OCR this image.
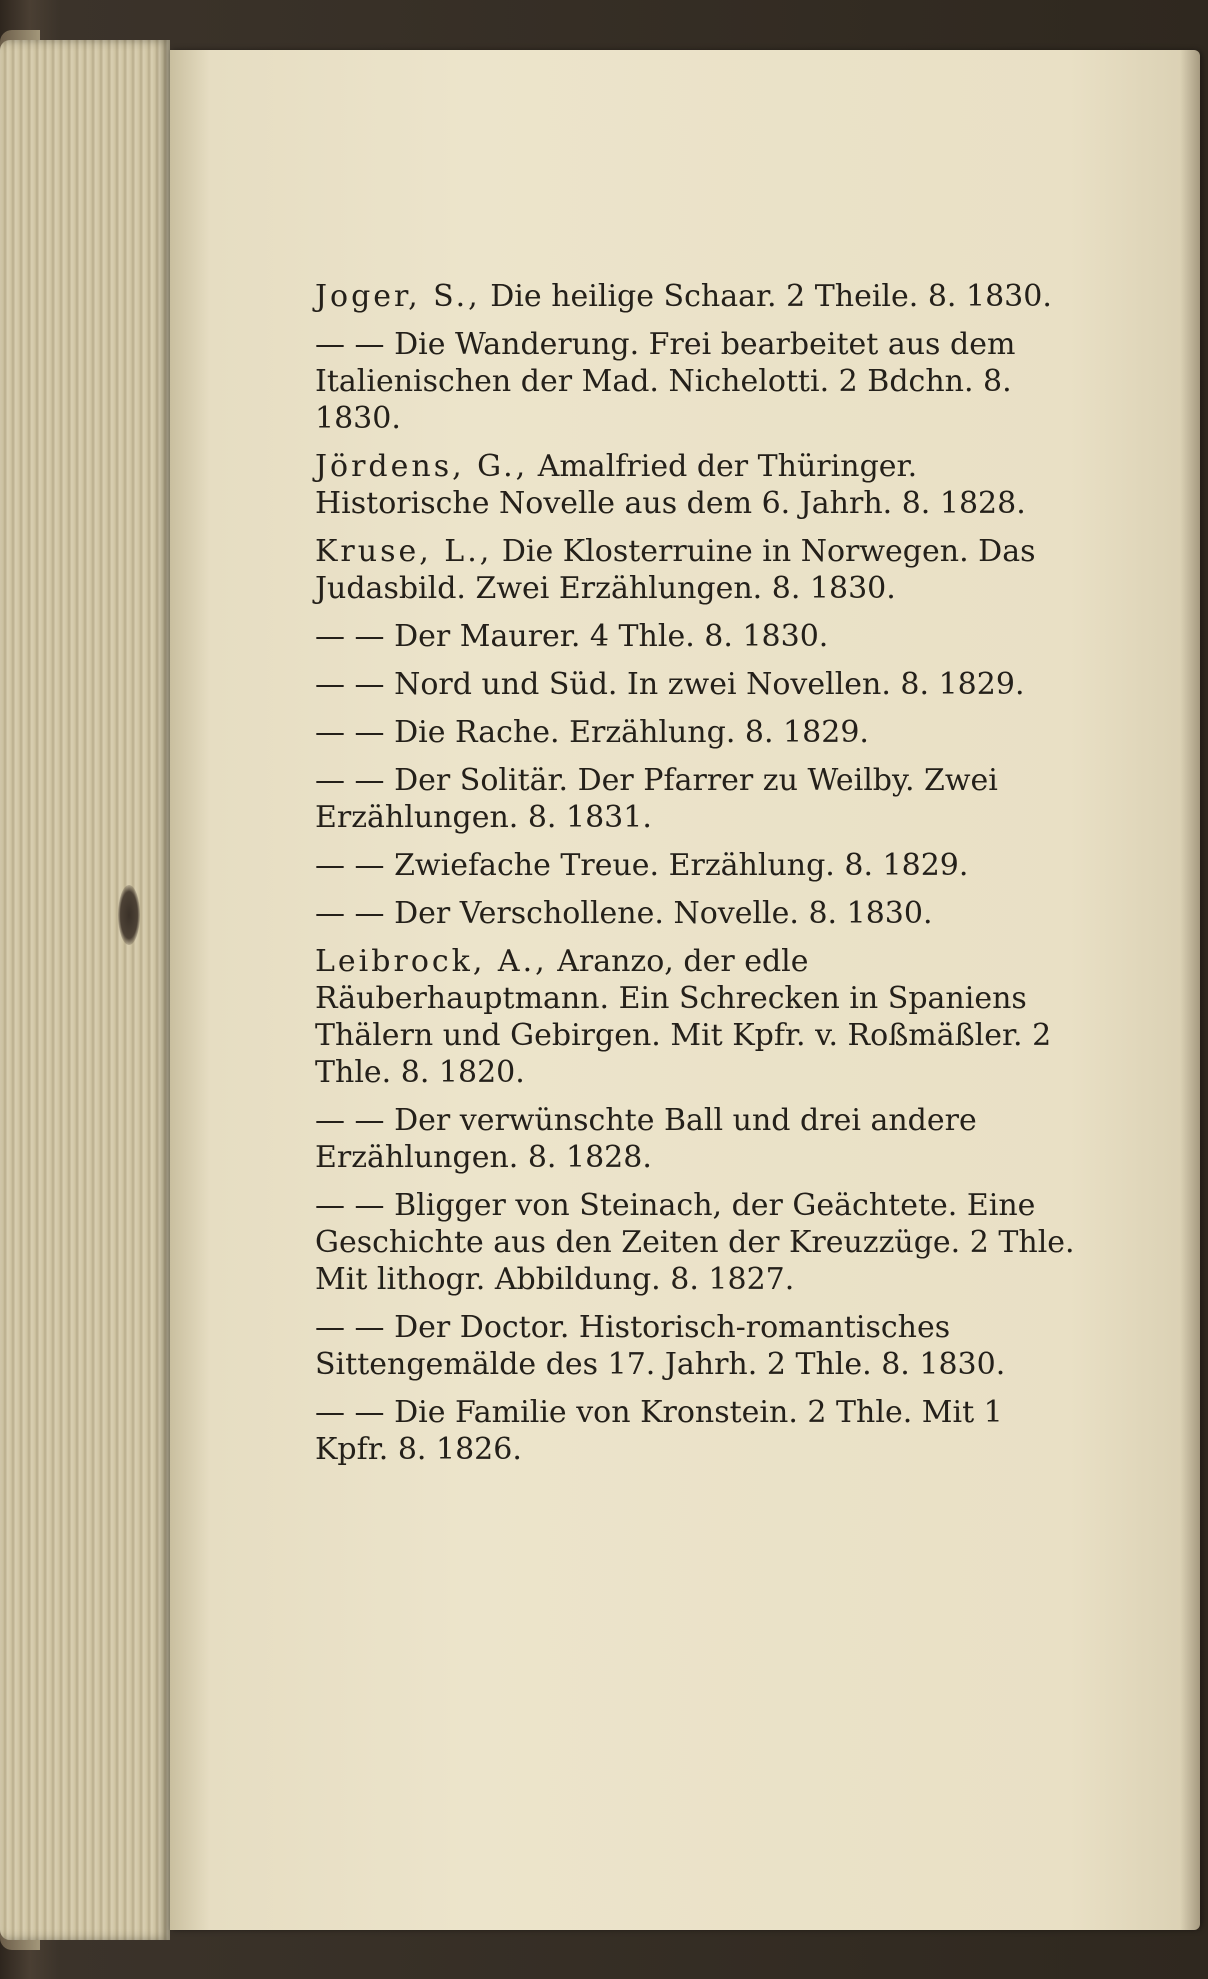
Joger, S., Die heilige Schaar. 2 Theile. 8. 1830.

— — Die Wanderung. Frei bearbeitet aus dem Italienischen der Mad. Nichelotti. 2 Bdchn. 8. 1830.

Jördens, G., Amalfried der Thüringer. Historische Novelle aus dem 6. Jahrh. 8. 1828.

Kruse, L., Die Klosterruine in Norwegen. Das Judasbild. Zwei Erzählungen. 8. 1830.

— — Der Maurer. 4 Thle. 8. 1830.

— — Nord und Süd. In zwei Novellen. 8. 1829.

— — Die Rache. Erzählung. 8. 1829.

— — Der Solitär. Der Pfarrer zu Weilby. Zwei Erzählungen. 8. 1831.

— — Zwiefache Treue. Erzählung. 8. 1829.

— — Der Verschollene. Novelle. 8. 1830.

Leibrock, A., Aranzo, der edle Räuberhauptmann. Ein Schrecken in Spaniens Thälern und Gebirgen. Mit Kpfr. v. Roßmäßler. 2 Thle. 8. 1820.

— — Der verwünschte Ball und drei andere Erzählungen. 8. 1828.

— — Bligger von Steinach, der Geächtete. Eine Geschichte aus den Zeiten der Kreuzzüge. 2 Thle. Mit lithogr. Abbildung. 8. 1827.

— — Der Doctor. Historisch-romantisches Sittengemälde des 17. Jahrh. 2 Thle. 8. 1830.

— — Die Familie von Kronstein. 2 Thle. Mit 1 Kpfr. 8. 1826.
